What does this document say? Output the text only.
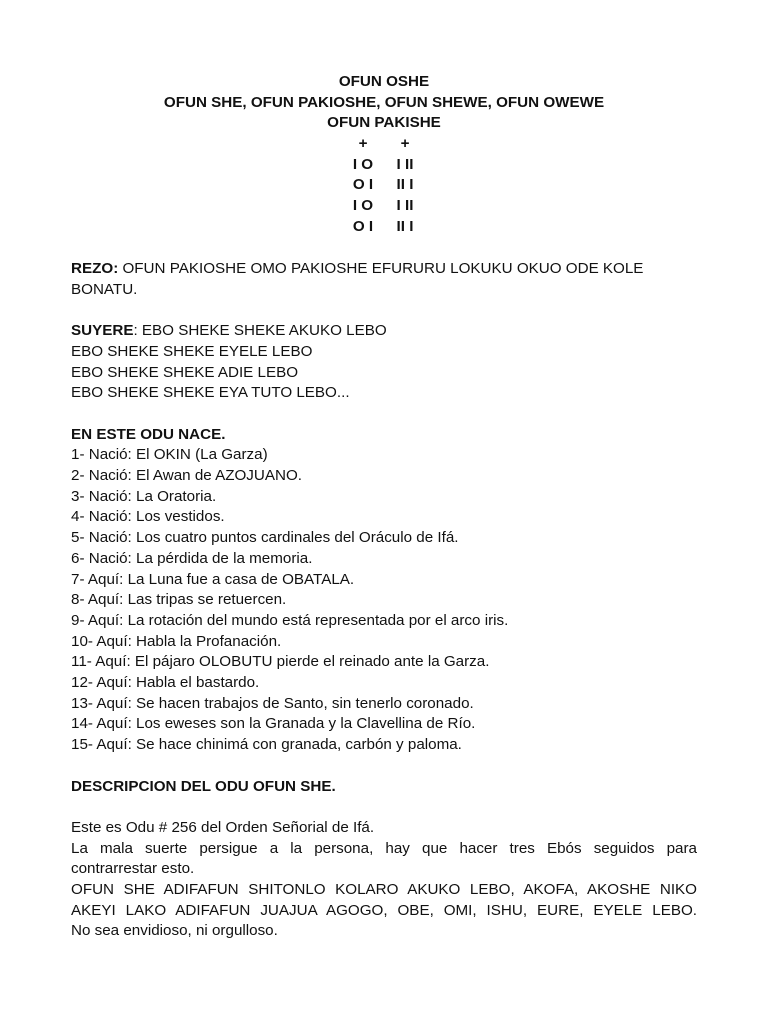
OFUN OSHE
OFUN SHE, OFUN PAKIOSHE, OFUN SHEWE, OFUN OWEWE
OFUN PAKISHE
+	+
I O	I II
O I	II I
I O	I II
O I	II I
REZO: OFUN PAKIOSHE OMO PAKIOSHE EFURURU LOKUKU OKUO ODE KOLE
BONATU.
SUYERE: EBO SHEKE SHEKE AKUKO LEBO
EBO SHEKE SHEKE EYELE LEBO
EBO SHEKE SHEKE ADIE LEBO
EBO SHEKE SHEKE EYA TUTO LEBO...
EN ESTE ODU NACE.
1- Nació: El OKIN (La Garza)
2- Nació: El Awan de AZOJUANO.
3- Nació: La Oratoria.
4- Nació: Los vestidos.
5- Nació: Los cuatro puntos cardinales del Oráculo de Ifá.
6- Nació: La pérdida de la memoria.
7- Aquí: La Luna fue a casa de OBATALA.
8- Aquí: Las tripas se retuercen.
9- Aquí: La rotación del mundo está representada por el arco iris.
10- Aquí: Habla la Profanación.
11- Aquí: El pájaro OLOBUTU pierde el reinado ante la Garza.
12- Aquí: Habla el bastardo.
13- Aquí: Se hacen trabajos de Santo, sin tenerlo coronado.
14- Aquí: Los eweses son la Granada y la Clavellina de Río.
15- Aquí: Se hace chinimá con granada, carbón y paloma.
DESCRIPCION DEL ODU OFUN SHE.
Este es Odu # 256 del Orden Señorial de Ifá.
La mala suerte persigue a la persona, hay que hacer tres Ebós seguidos para
contrarrestar esto.
OFUN SHE ADIFAFUN SHITONLO KOLARO AKUKO LEBO, AKOFA, AKOSHE NIKO
AKEYI LAKO ADIFAFUN JUAJUA AGOGO, OBE, OMI, ISHU, EURE, EYELE LEBO.
No sea envidioso, ni orgulloso.
